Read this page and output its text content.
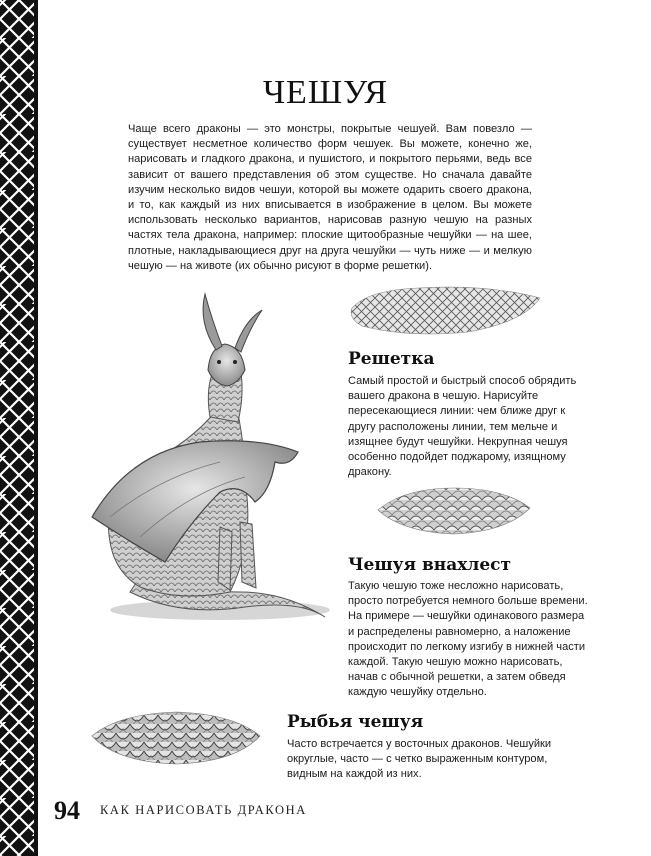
ЧЕШУЯ
Чаще всего драконы — это монстры, покрытые чешуей. Вам повезло — существует несметное количество форм чешуек. Вы можете, конечно же, нарисовать и гладкого дракона, и пушистого, и покрытого перьями, ведь все зависит от вашего представления об этом существе. Но сначала давайте изучим несколько видов чешуи, которой вы можете одарить своего дракона, и то, как каждый из них вписывается в изображение в целом. Вы можете использовать несколько вариантов, нарисовав разную чешую на разных частях тела дракона, например: плоские щитообразные чешуйки — на шее, плотные, накладывающиеся друг на друга чешуйки — чуть ниже — и мелкую чешую — на животе (их обычно рисуют в форме решетки).
Решетка
Самый простой и быстрый способ обрядить вашего дракона в чешую. Нарисуйте пересекающиеся линии: чем ближе друг к другу расположены линии, тем мельче и изящнее будут чешуйки. Некрупная чешуя особенно подойдет поджарому, изящному дракону.
Чешуя внахлест
Такую чешую тоже несложно нарисовать, просто потребуется немного больше времени. На примере — чешуйки одинакового размера и распределены равномерно, а наложение происходит по легкому изгибу в нижней части каждой. Такую чешую можно нарисовать, начав с обычной решетки, а затем обведя каждую чешуйку отдельно.
Рыбья чешуя
Часто встречается у восточных драконов. Чешуйки округлые, часто — с четко выраженным контуром, видным на каждой из них.
94 КАК НАРИСОВАТЬ ДРАКОНА
